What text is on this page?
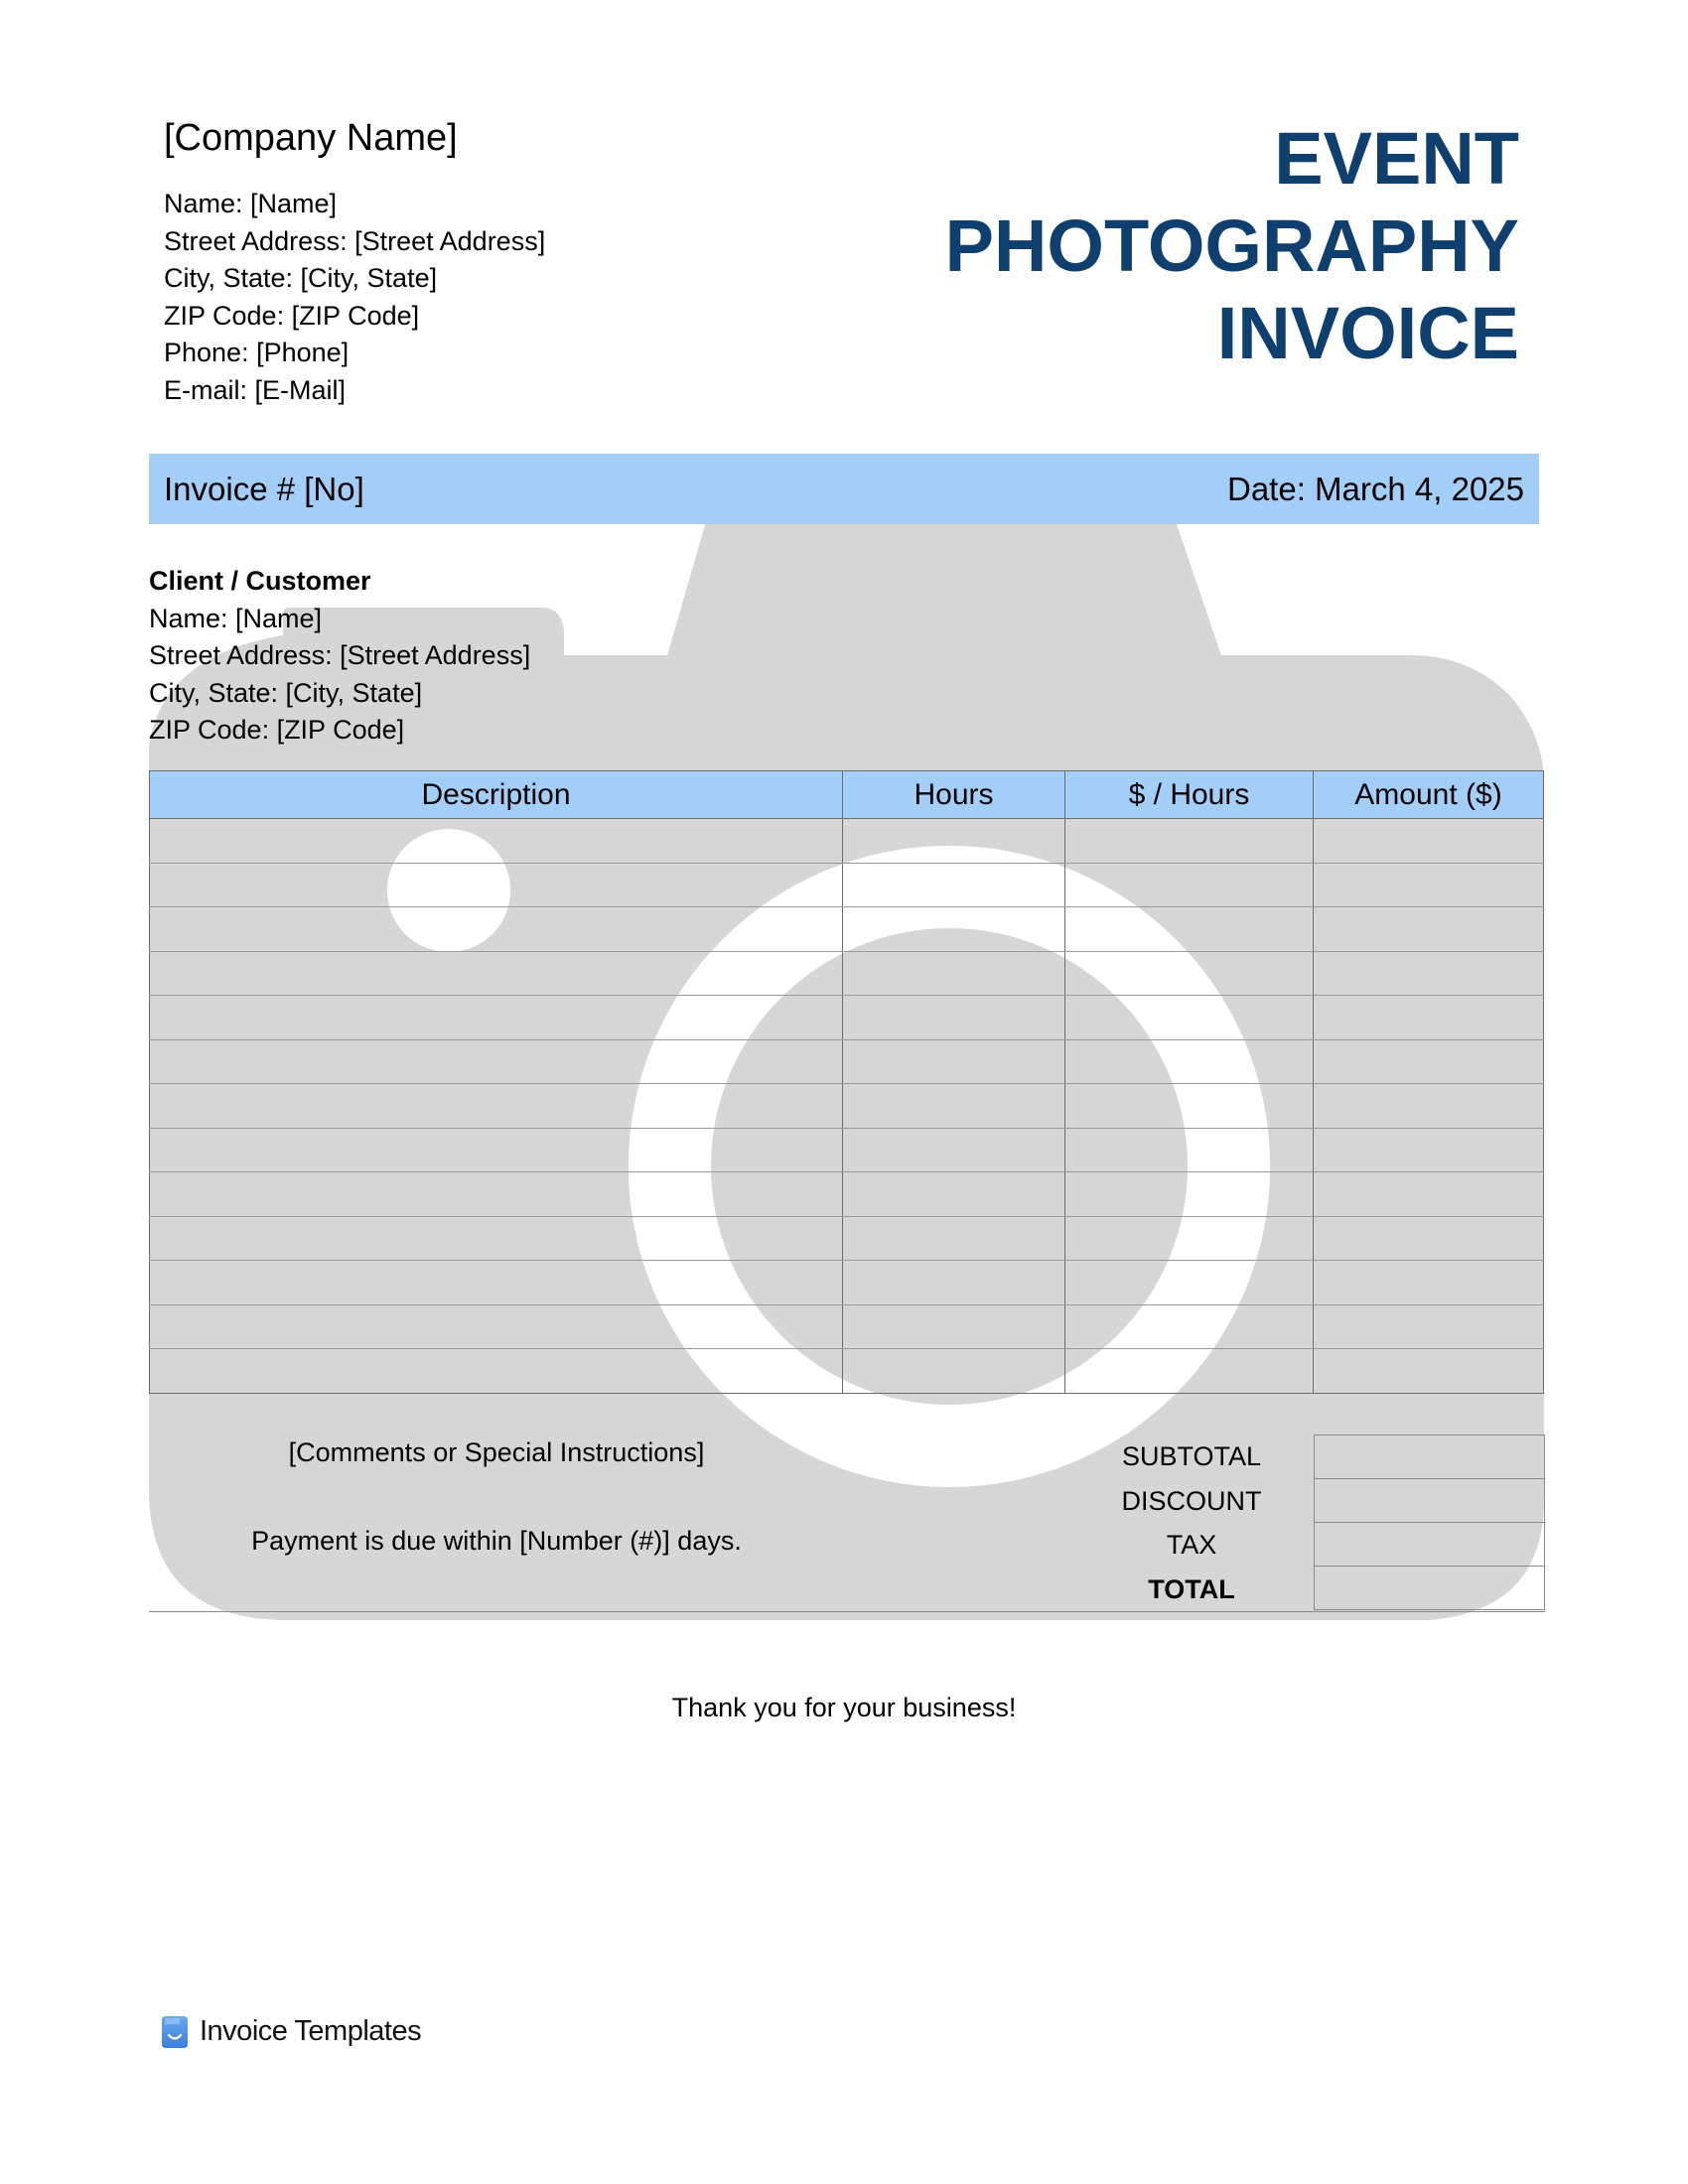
[Company Name]
Name: [Name]
Street Address: [Street Address]
City, State: [City, State]
ZIP Code: [ZIP Code]
Phone: [Phone]
E-mail: [E-Mail]
EVENT
PHOTOGRAPHY
INVOICE
Invoice # [No]	Date: March 4, 2025
Client / Customer
Name: [Name]
Street Address: [Street Address]
City, State: [City, State]
ZIP Code: [ZIP Code]
Description	Hours	$ / Hours	Amount ($)

[Comments or Special Instructions]
Payment is due within [Number (#)] days.
SUBTOTAL
DISCOUNT
TAX
TOTAL
Thank you for your business!
Invoice Templates
